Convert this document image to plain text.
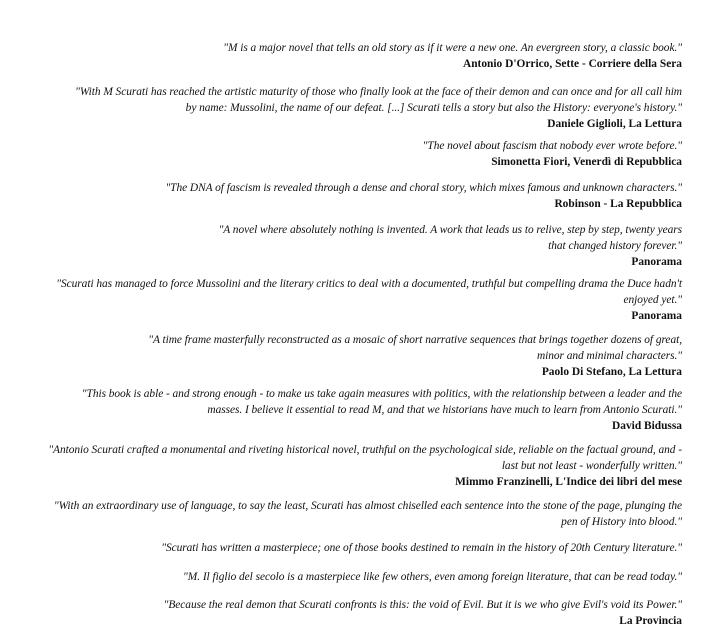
"M is a major novel that tells an old story as if it were a new one. An evergreen story, a classic book."

Antonio D'Orrico, Sette - Corriere della Sera

"With M Scurati has reached the artistic maturity of those who finally look at the face of their demon and can once and for all call him

by name: Mussolini, the name of our defeat. [...] Scurati tells a story but also the History: everyone's history."

Daniele Giglioli, La Lettura

"The novel about fascism that nobody ever wrote before."

Simonetta Fiori, Venerdì di Repubblica

"The DNA of fascism is revealed through a dense and choral story, which mixes famous and unknown characters."

Robinson - La Repubblica

"A novel where absolutely nothing is invented. A work that leads us to relive, step by step, twenty years

that changed history forever."

Panorama

"Scurati has managed to force Mussolini and the literary critics to deal with a documented, truthful but compelling drama the Duce hadn't

enjoyed yet."

Panorama

"A time frame masterfully reconstructed as a mosaic of short narrative sequences that brings together dozens of great,

minor and minimal characters."

Paolo Di Stefano, La Lettura

"This book is able - and strong enough - to make us take again measures with politics, with the relationship between a leader and the

masses. I believe it essential to read M, and that we historians have much to learn from Antonio Scurati."

David Bidussa

"Antonio Scurati crafted a monumental and riveting historical novel, truthful on the psychological side, reliable on the factual ground, and -

last but not least - wonderfully written."

Mimmo Franzinelli, L'Indice dei libri del mese

"With an extraordinary use of language, to say the least, Scurati has almost chiselled each sentence into the stone of the page, plunging the

pen of History into blood."

"Scurati has written a masterpiece; one of those books destined to remain in the history of 20th Century literature."

"M. Il figlio del secolo is a masterpiece like few others, even among foreign literature, that can be read today."

"Because the real demon that Scurati confronts is this: the void of Evil. But it is we who give Evil's void its Power."

La Provincia
